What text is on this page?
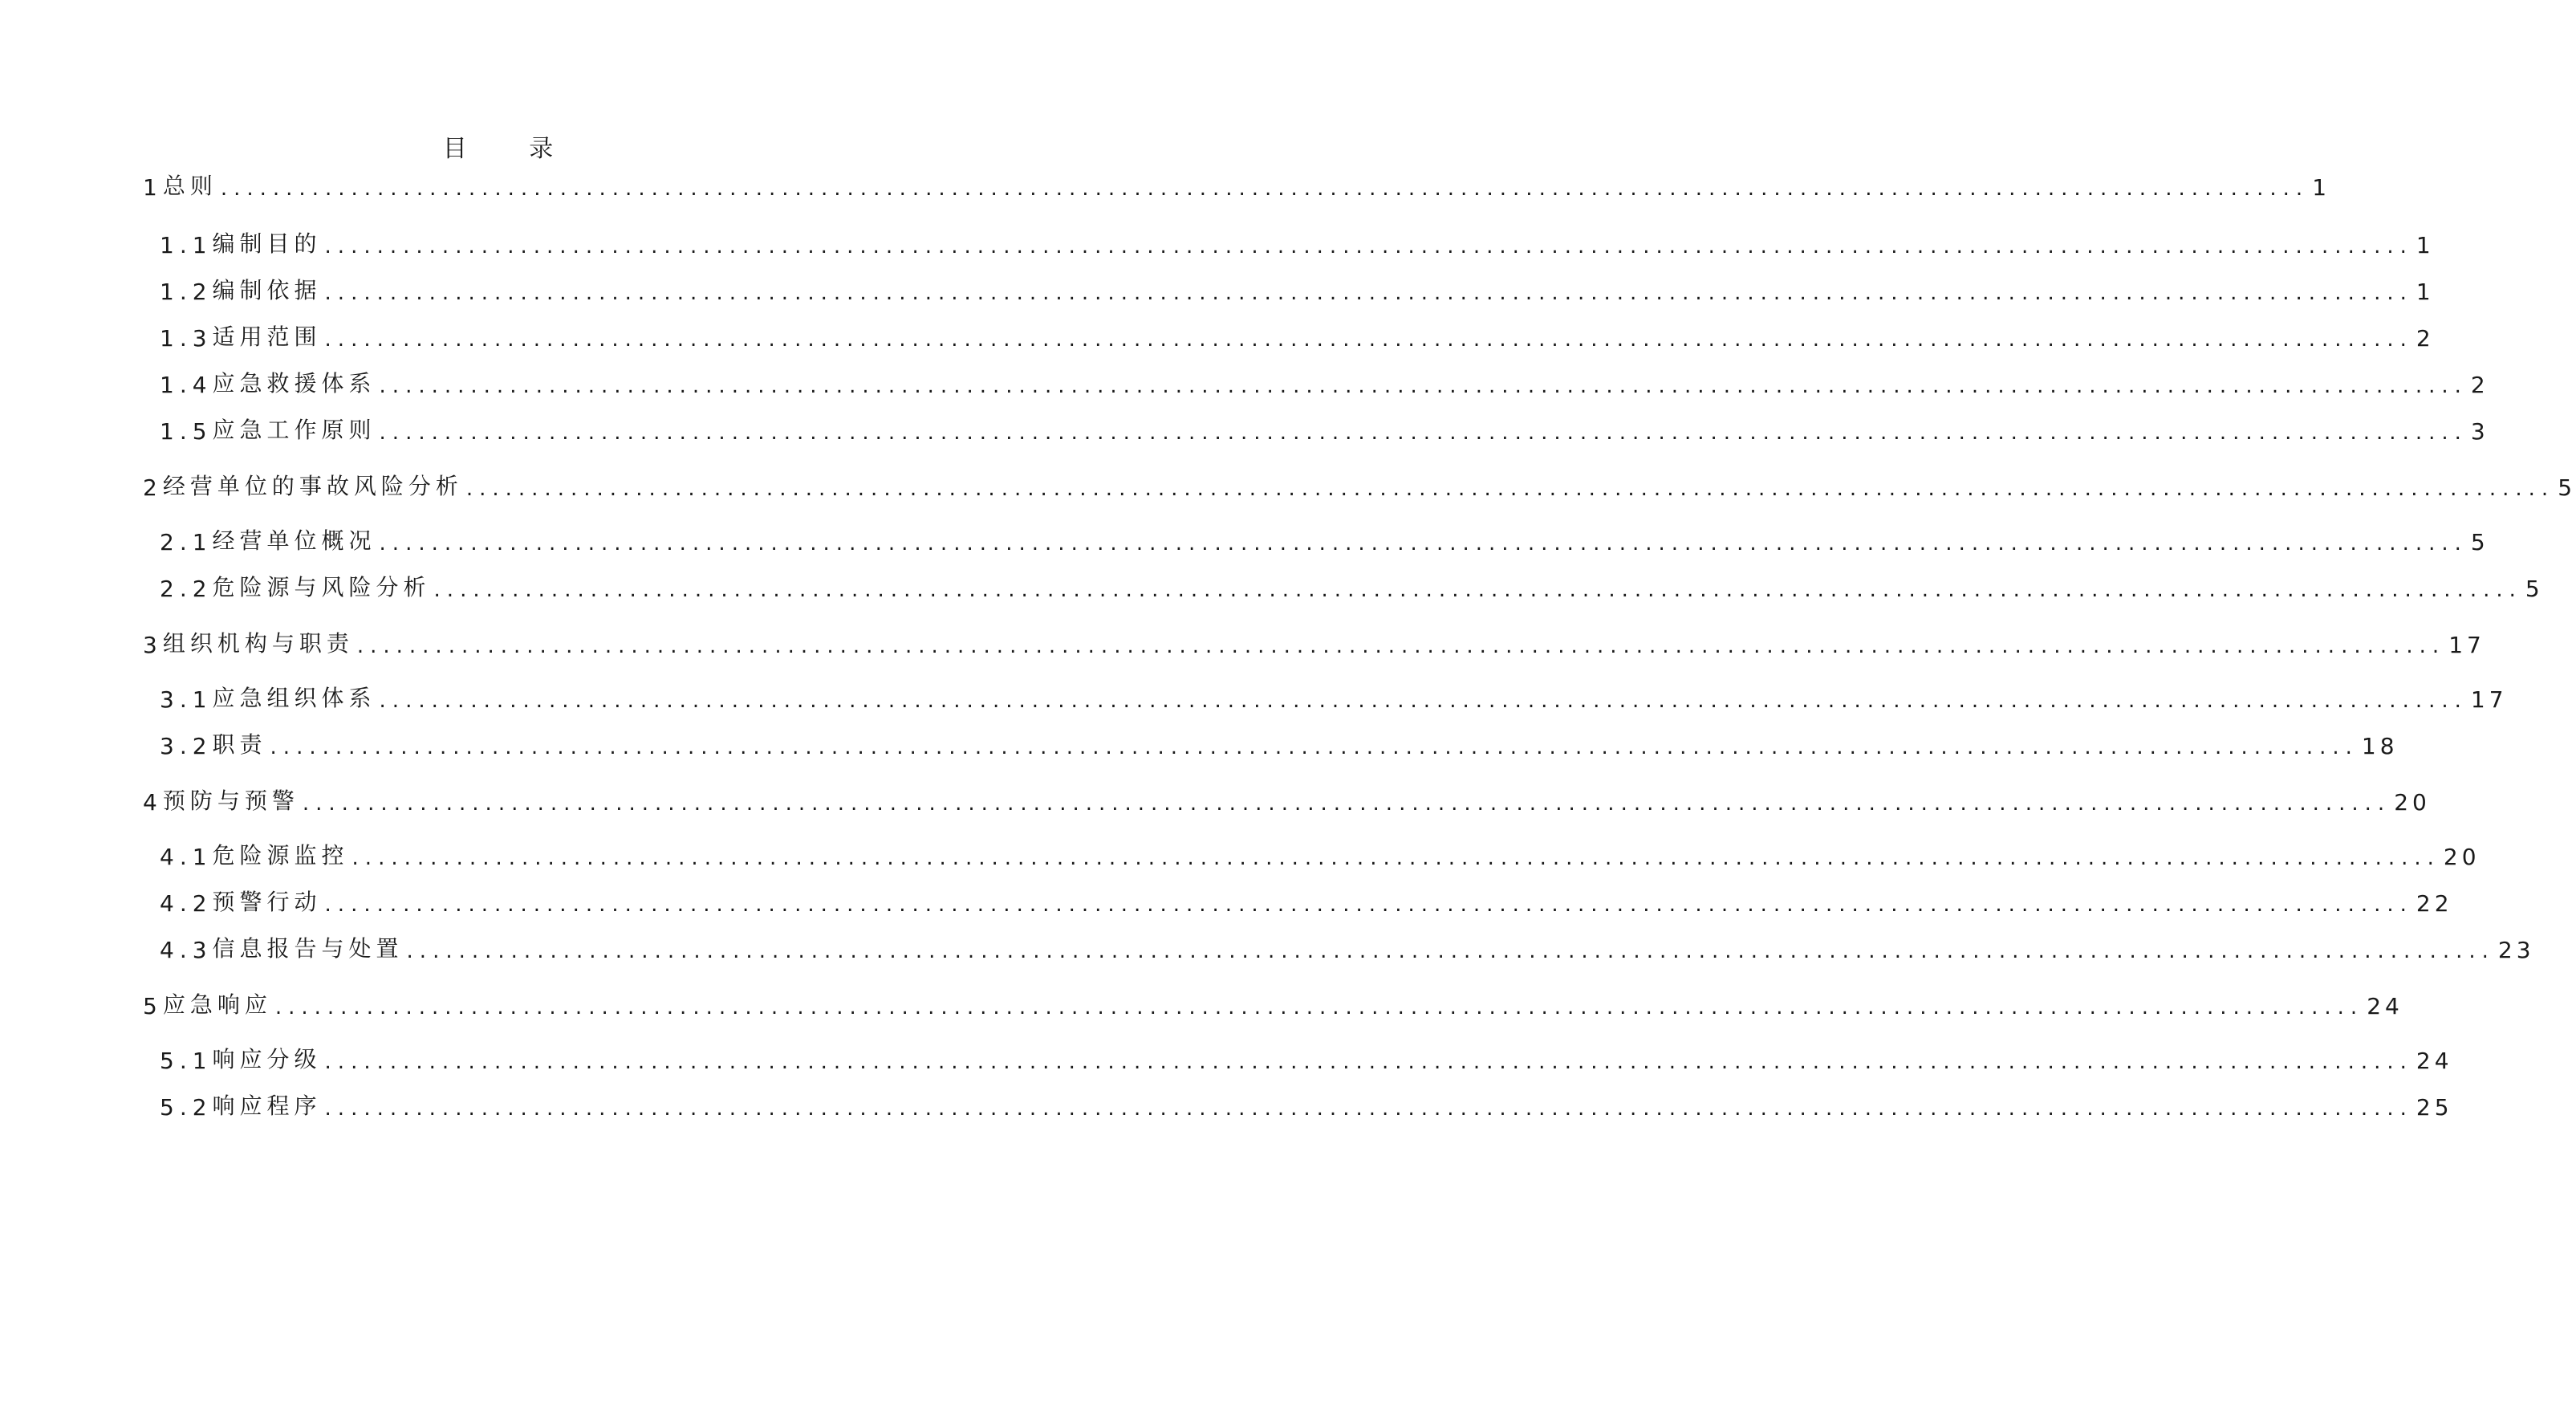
目 录
1 总则 ................................................................................................................................................................ 1
1.1 编制目的 ................................................................................................................................................................ 1
1.2 编制依据 ................................................................................................................................................................ 1
1.3 适用范围 ................................................................................................................................................................ 2
1.4 应急救援体系 ................................................................................................................................................................ 2
1.5 应急工作原则 ................................................................................................................................................................ 3
2 经营单位的事故风险分析 ................................................................................................................................................................ 5
2.1 经营单位概况 ................................................................................................................................................................ 5
2.2 危险源与风险分析 ................................................................................................................................................................ 5
3 组织机构与职责 ................................................................................................................................................................ 17
3.1 应急组织体系 ................................................................................................................................................................ 17
3.2 职责 ................................................................................................................................................................ 18
4 预防与预警 ................................................................................................................................................................ 20
4.1 危险源监控 ................................................................................................................................................................ 20
4.2 预警行动 ................................................................................................................................................................ 22
4.3 信息报告与处置 ................................................................................................................................................................ 23
5 应急响应 ................................................................................................................................................................ 24
5.1 响应分级 ................................................................................................................................................................ 24
5.2 响应程序 ................................................................................................................................................................ 25
